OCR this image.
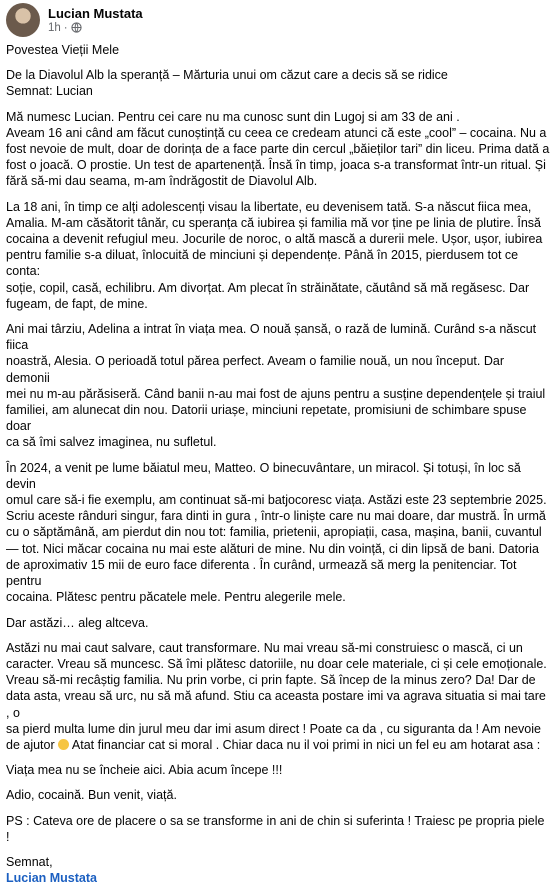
Lucian Mustata
1h ·

Povestea Vieții Mele

De la Diavolul Alb la speranță – Mărturia unui om căzut care a decis să se ridice

Semnat: Lucian

Mă numesc Lucian. Pentru cei care nu ma cunosc sunt din Lugoj si am 33 de ani .

Aveam 16 ani când am făcut cunoștință cu ceea ce credeam atunci că este „cool” – cocaina. Nu a

fost nevoie de mult, doar de dorința de a face parte din cercul „băieților tari” din liceu. Prima dată a

fost o joacă. O prostie. Un test de apartenență. Însă în timp, joaca s-a transformat într-un ritual. Și

fără să-mi dau seama, m-am îndrăgostit de Diavolul Alb.

La 18 ani, în timp ce alți adolescenți visau la libertate, eu devenisem tată. S-a născut fiica mea,

Amalia. M-am căsătorit tânăr, cu speranța că iubirea și familia mă vor ține pe linia de plutire. Însă

cocaina a devenit refugiul meu. Jocurile de noroc, o altă mască a durerii mele. Ușor, ușor, iubirea

pentru familie s-a diluat, înlocuită de minciuni și dependențe. Până în 2015, pierdusem tot ce conta:

soție, copil, casă, echilibru. Am divorțat. Am plecat în străinătate, căutând să mă regăsesc. Dar

fugeam, de fapt, de mine.

Ani mai târziu, Adelina a intrat în viața mea. O nouă șansă, o rază de lumină. Curând s-a născut fiica

noastră, Alesia. O perioadă totul părea perfect. Aveam o familie nouă, un nou început. Dar demonii

mei nu m-au părăsiseră. Când banii n-au mai fost de ajuns pentru a susține dependențele și traiul

familiei, am alunecat din nou. Datorii uriașe, minciuni repetate, promisiuni de schimbare spuse doar

ca să îmi salvez imaginea, nu sufletul.

În 2024, a venit pe lume băiatul meu, Matteo. O binecuvântare, un miracol. Și totuși, în loc să devin

omul care să-i fie exemplu, am continuat să-mi batjocoresc viața. Astăzi este 23 septembrie 2025.

Scriu aceste rânduri singur, fara dinti in gura , într-o liniște care nu mai doare, dar mustră. În urmă

cu o săptămână, am pierdut din nou tot: familia, prietenii, apropiații, casa, mașina, banii, cuvantul

— tot. Nici măcar cocaina nu mai este alături de mine. Nu din voință, ci din lipsă de bani. Datoria

de aproximativ 15 mii de euro face diferenta . În curând, urmează să merg la penitenciar. Tot pentru

cocaina. Plătesc pentru păcatele mele. Pentru alegerile mele.

Dar astăzi… aleg altceva.

Astăzi nu mai caut salvare, caut transformare. Nu mai vreau să-mi construiesc o mască, ci un

caracter. Vreau să muncesc. Să îmi plătesc datoriile, nu doar cele materiale, ci și cele emoționale.

Vreau să-mi recâștig familia. Nu prin vorbe, ci prin fapte. Să încep de la minus zero? Da! Dar de

data asta, vreau să urc, nu să mă afund. Stiu ca aceasta postare imi va agrava situatia si mai tare , o

sa pierd multa lume din jurul meu dar imi asum direct ! Poate ca da , cu siguranta da ! Am nevoie

de ajutor  Atat financiar cat si moral . Chiar daca nu il voi primi in nici un fel eu am hotarat asa :

Viața mea nu se încheie aici. Abia acum începe !!!

Adio, cocaină. Bun venit, viață.

PS : Cateva ore de placere o sa se transforme in ani de chin si suferinta ! Traiesc pe propria piele !

Semnat,

Lucian Mustata
